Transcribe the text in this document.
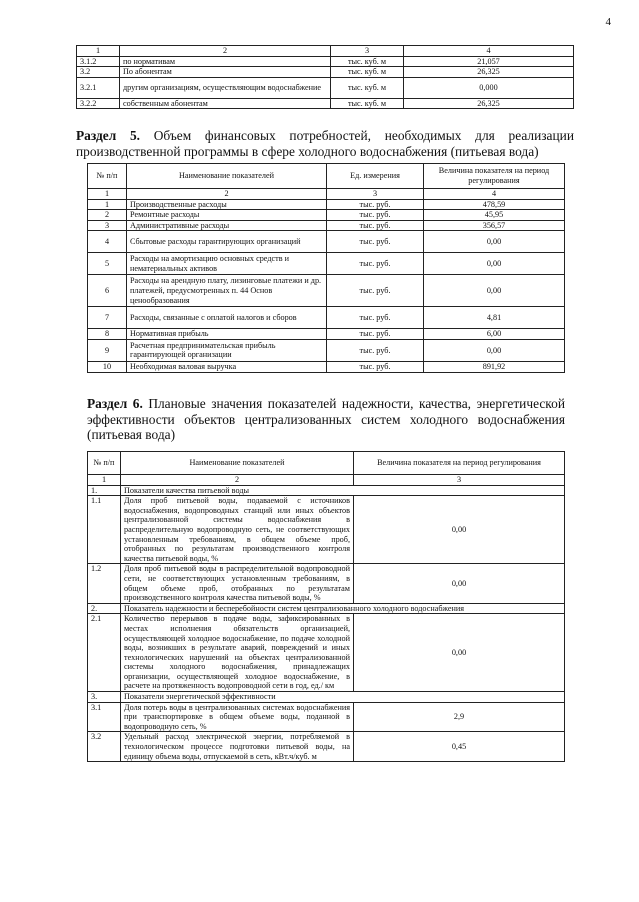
4
1	2	3	4
3.1.2	по нормативам	тыс. куб. м	21,057
3.2	По абонентам	тыс. куб. м	26,325
3.2.1	другим организациям, осуществляющим водоснабжение	тыс. куб. м	0,000
3.2.2	собственным абонентам	тыс. куб. м	26,325
Раздел 5. Объем финансовых потребностей, необходимых для реализации производственной программы в сфере холодного водоснабжения (питьевая вода)
№ п/п	Наименование показателей	Ед. измерения	Величина показателя на период регулирования
1	2	3	4
1	Производственные расходы	тыс. руб.	478,59
2	Ремонтные расходы	тыс. руб.	45,95
3	Административные расходы	тыс. руб.	356,57
4	Сбытовые расходы гарантирующих организаций	тыс. руб.	0,00
5	Расходы на амортизацию основных средств и нематериальных активов	тыс. руб.	0,00
6	Расходы на арендную плату, лизинговые платежи и др. платежей, предусмотренных п. 44 Основ ценообразования	тыс. руб.	0,00
7	Расходы, связанные с оплатой налогов и сборов	тыс. руб.	4,81
8	Нормативная прибыль	тыс. руб.	6,00
9	Расчетная предпринимательская прибыль гарантирующей организации	тыс. руб.	0,00
10	Необходимая валовая выручка	тыс. руб.	891,92
Раздел 6. Плановые значения показателей надежности, качества, энергетической эффективности объектов централизованных систем холодного водоснабжения (питьевая вода)
№ п/п	Наименование показателей	Величина показателя на период регулирования
1	2	3
1.	Показатели качества питьевой воды	
1.1	Доля проб питьевой воды, подаваемой с источников водоснабжения, водопроводных станций или иных объектов централизованной системы водоснабжения в распределительную водопроводную сеть, не соответствующих установленным требованиям, в общем объеме проб, отобранных по результатам производственного контроля качества питьевой воды, %	0,00
1.2	Доля проб питьевой воды в распределительной водопроводной сети, не соответствующих установленным требованиям, в общем объеме проб, отобранных по результатам производственного контроля качества питьевой воды, %	0,00
2.	Показатель надежности и бесперебойности систем централизованного холодного водоснабжения	
2.1	Количество перерывов в подаче воды, зафиксированных в местах исполнения обязательств организацией, осуществляющей холодное водоснабжение, по подаче холодной воды, возникших в результате аварий, повреждений и иных технологических нарушений на объектах централизованной системы холодного водоснабжения, принадлежащих организации, осуществляющей холодное водоснабжение, в расчете на протяженность водопроводной сети в год, ед./ км	0,00
3.	Показатели энергетической эффективности	
3.1	Доля потерь воды в централизованных системах водоснабжения при транспортировке в общем объеме воды, поданной в водопроводную сеть, %	2,9
3.2	Удельный расход электрической энергии, потребляемой в технологическом процессе подготовки питьевой воды, на единицу объема воды, отпускаемой в сеть, кВт.ч/куб. м	0,45
